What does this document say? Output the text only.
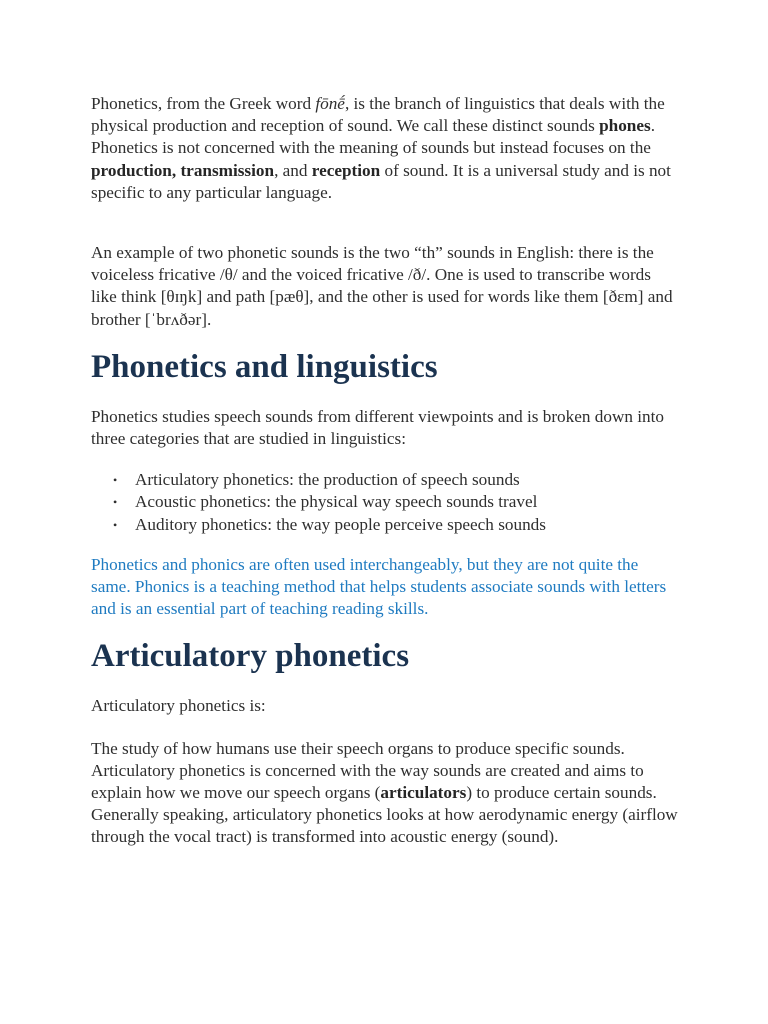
Phonetics, from the Greek word fōnḗ, is the branch of linguistics that deals with the physical production and reception of sound. We call these distinct sounds phones. Phonetics is not concerned with the meaning of sounds but instead focuses on the production, transmission, and reception of sound. It is a universal study and is not specific to any particular language.

An example of two phonetic sounds is the two “th” sounds in English: there is the voiceless fricative /θ/ and the voiced fricative /ð/. One is used to transcribe words like think [θɪŋk] and path [pæθ], and the other is used for words like them [ðɛm] and brother [ˈbrʌðər].

Phonetics and linguistics

Phonetics studies speech sounds from different viewpoints and is broken down into three categories that are studied in linguistics:

• Articulatory phonetics: the production of speech sounds
• Acoustic phonetics: the physical way speech sounds travel
• Auditory phonetics: the way people perceive speech sounds

Phonetics and phonics are often used interchangeably, but they are not quite the same. Phonics is a teaching method that helps students associate sounds with letters and is an essential part of teaching reading skills.

Articulatory phonetics

Articulatory phonetics is:

The study of how humans use their speech organs to produce specific sounds. Articulatory phonetics is concerned with the way sounds are created and aims to explain how we move our speech organs (articulators) to produce certain sounds. Generally speaking, articulatory phonetics looks at how aerodynamic energy (airflow through the vocal tract) is transformed into acoustic energy (sound).
